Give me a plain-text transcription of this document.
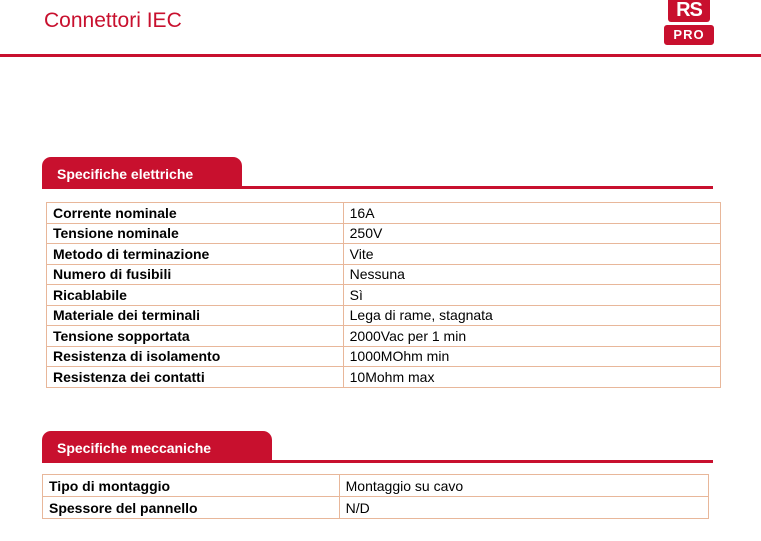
Connettori IEC	RS
PRO
Specifiche elettriche
Corrente nominale	16A
Tensione nominale	250V
Metodo di terminazione	Vite
Numero di fusibili	Nessuna
Ricablabile	Sì
Materiale dei terminali	Lega di rame, stagnata
Tensione sopportata	2000Vac per 1 min
Resistenza di isolamento	1000MOhm min
Resistenza dei contatti	10Mohm max
Specifiche meccaniche
Tipo di montaggio	Montaggio su cavo
Spessore del pannello	N/D
